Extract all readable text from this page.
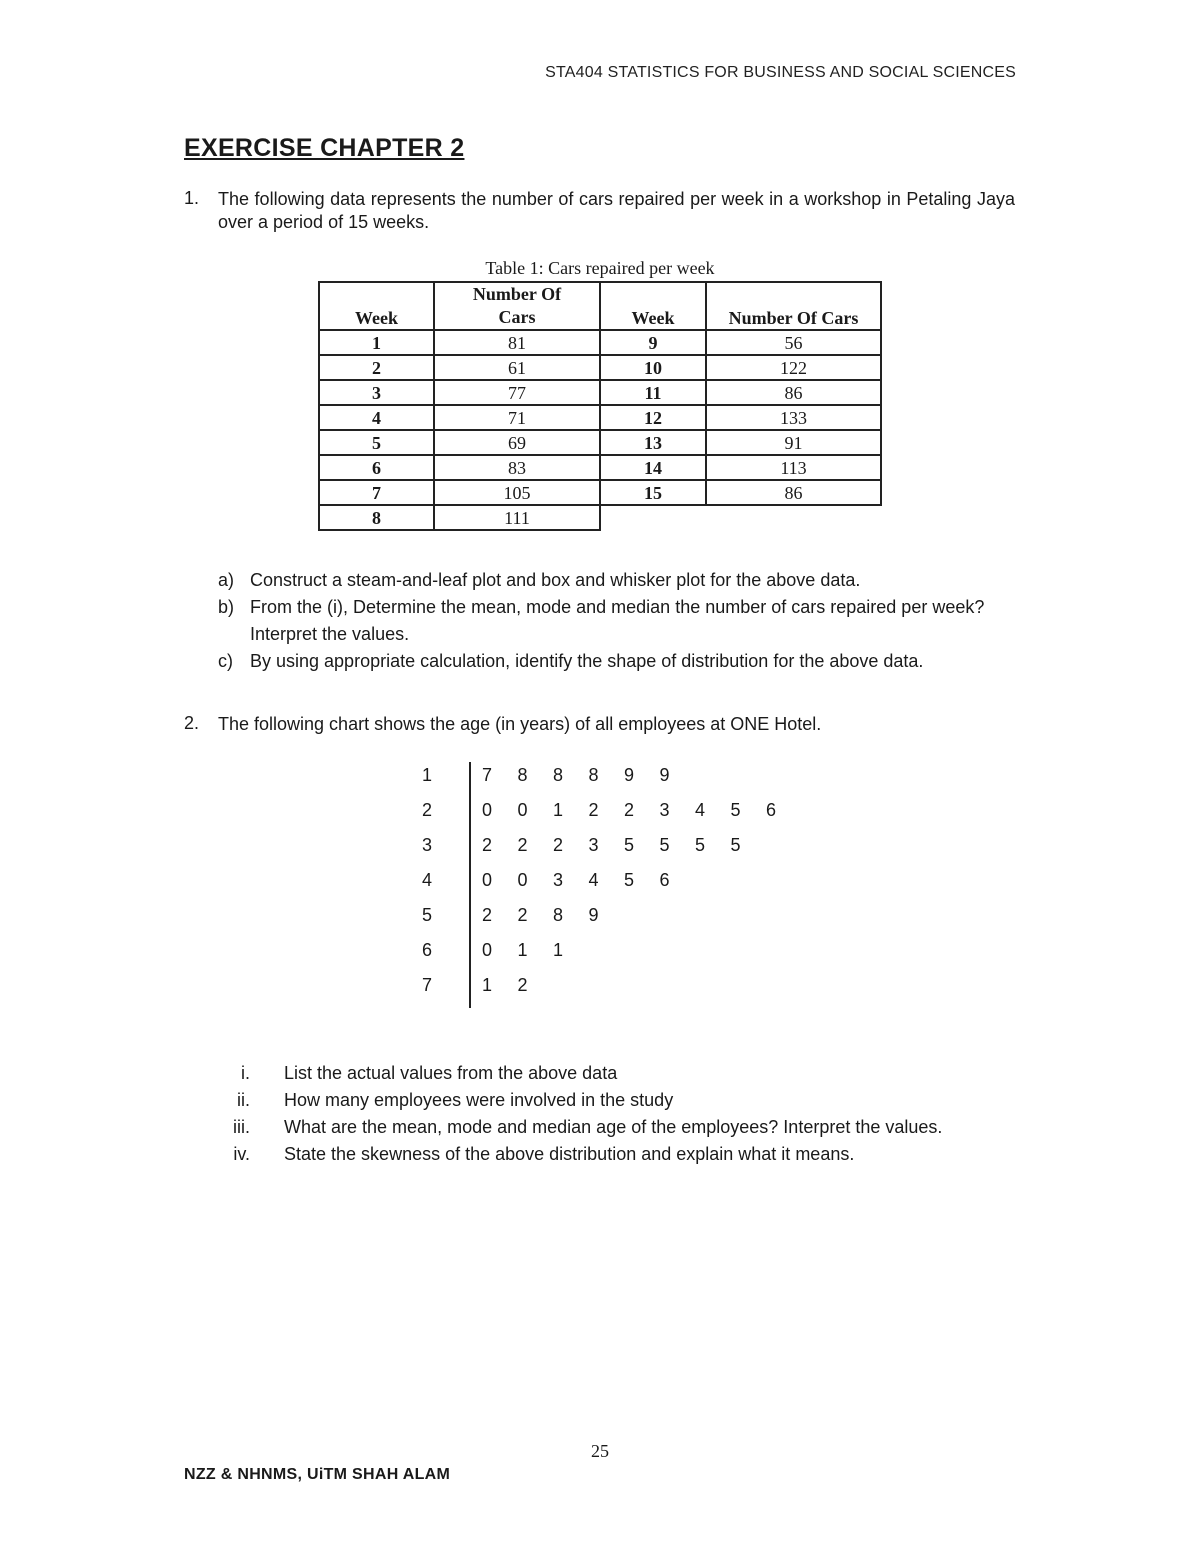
STA404 STATISTICS FOR BUSINESS AND SOCIAL SCIENCES
EXERCISE CHAPTER 2
1. The following data represents the number of cars repaired per week in a workshop in Petaling Jaya over a period of 15 weeks.
Table 1: Cars repaired per week
Week	Number Of Cars	Week	Number Of Cars
1	81	9	56
2	61	10	122
3	77	11	86
4	71	12	133
5	69	13	91
6	83	14	113
7	105	15	86
8	111		
a) Construct a steam-and-leaf plot and box and whisker plot for the above data.
b) From the (i), Determine the mean, mode and median the number of cars repaired per week? Interpret the values.
c) By using appropriate calculation, identify the shape of distribution for the above data.
2. The following chart shows the age (in years) of all employees at ONE Hotel.
1	7 8 8 8 9 9
2	0 0 1 2 2 3 4 5 6
3	2 2 2 3 5 5 5 5
4	0 0 3 4 5 6
5	2 2 8 9
6	0 1 1
7	1 2
i. List the actual values from the above data
ii. How many employees were involved in the study
iii. What are the mean, mode and median age of the employees? Interpret the values.
iv. State the skewness of the above distribution and explain what it means.
25
NZZ & NHNMS, UiTM SHAH ALAM
